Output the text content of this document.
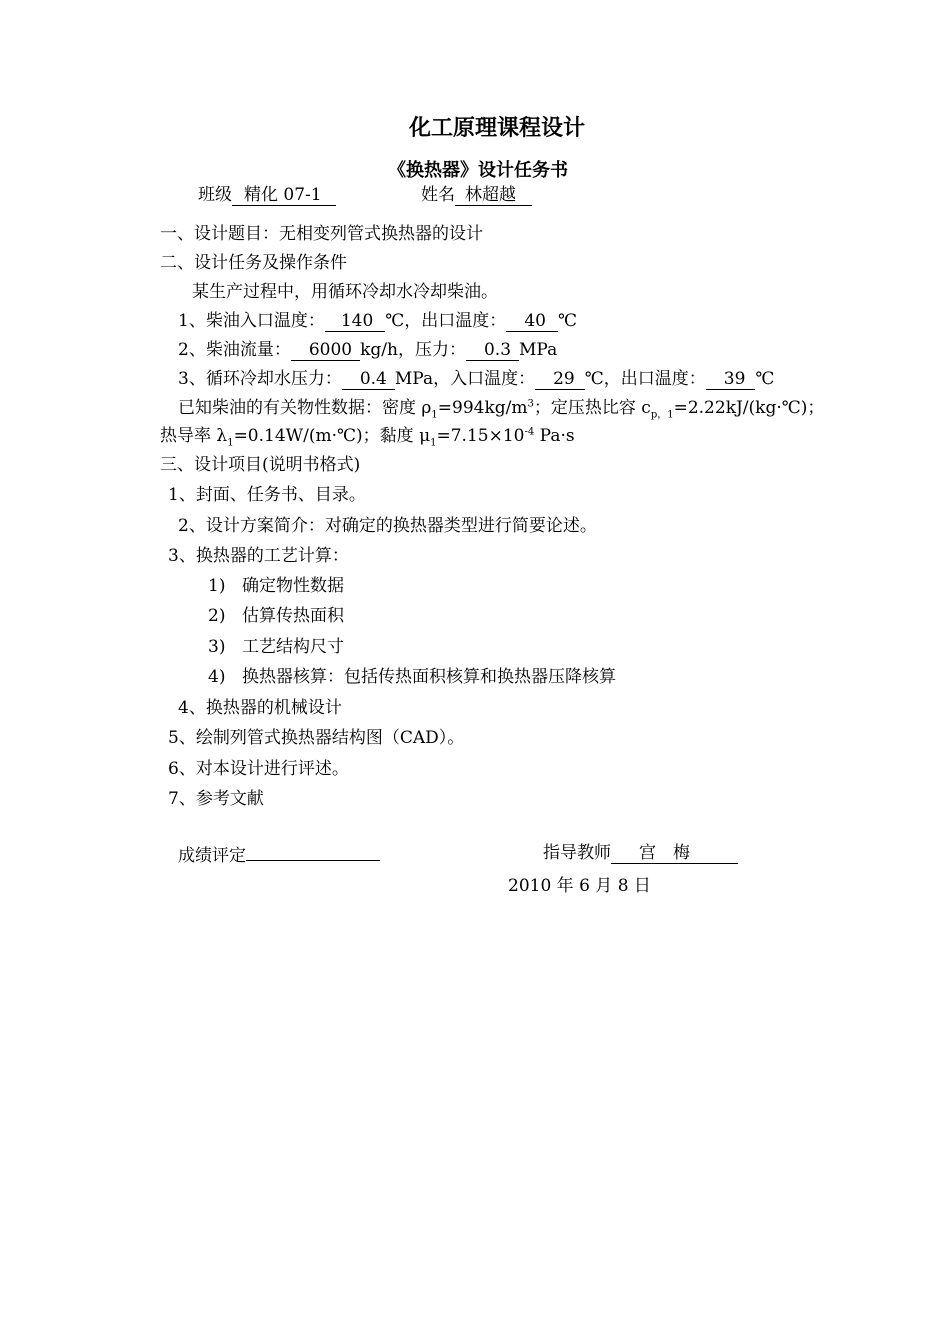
化工原理课程设计
《换热器》设计任务书
班级 精化 07-1	姓名 林超越
一、设计题目：无相变列管式换热器的设计
二、设计任务及操作条件
某生产过程中，用循环冷却水冷却柴油。
1、柴油入口温度： 140 ℃，出口温度： 40 ℃
2、柴油流量： 6000 kg/h，压力： 0.3 MPa
3、循环冷却水压力： 0.4 MPa，入口温度： 29 ℃，出口温度： 39 ℃
已知柴油的有关物性数据：密度 $\rho_1=994kg/m^3$；定压热比容 $c_{p,1}=2.22kJ/(kg\cdot℃)$；
热导率 $\lambda_1=0.14W/(m\cdot℃)$；黏度 $\mu_1=7.15\times 10^{-4}$ Pa·s
三、设计项目(说明书格式)
1、封面、任务书、目录。
2、设计方案简介：对确定的换热器类型进行简要论述。
3、换热器的工艺计算：
1) 确定物性数据
2) 估算传热面积
3) 工艺结构尺寸
4) 换热器核算：包括传热面积核算和换热器压降核算
4、换热器的机械设计
5、绘制列管式换热器结构图（CAD）。
6、对本设计进行评述。
7、参考文献
成绩评定	指导教师 宫　梅
2010 年 6 月 8 日
